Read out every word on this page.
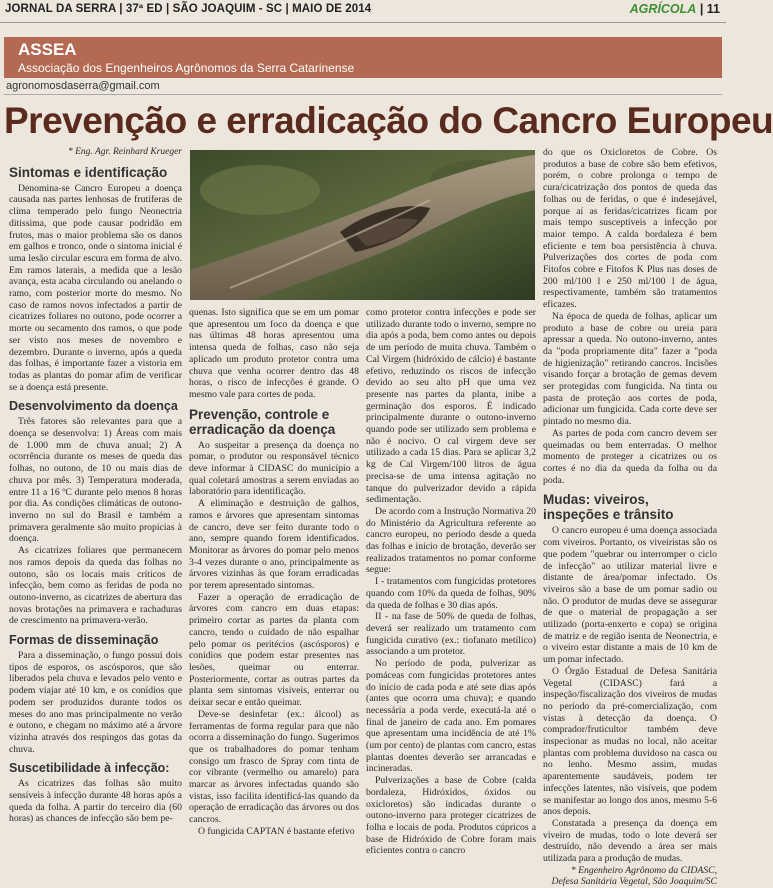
JORNAL DA SERRA | 37ª ED | SÃO JOAQUIM - SC | MAIO DE 2014	AGRÍCOLA | 11
ASSEA
Associação dos Engenheiros Agrônomos da Serra Catarinense
agronomosdaserra@gmail.com
Prevenção e erradicação do Cancro Europeu
* Eng. Agr. Reinhard Krueger
Sintomas e identificação

Denomina-se Cancro Europeu a doença causada nas partes lenhosas de frutíferas de clima temperado pelo fungo Neonectria ditissima, que pode causar podridão em frutos, mas o maior problema são os danos em galhos e tronco, onde o sintoma inicial é uma lesão circular escura em forma de alvo. Em ramos laterais, a medida que a lesão avança, esta acaba circulando ou anelando o ramo, com posterior morte do mesmo. No caso de ramos novos infectados a partir de cicatrizes foliares no outono, pode ocorrer a morte ou secamento dos ramos, o que pode ser visto nos meses de novembro e dezembro. Durante o inverno, após a queda das folhas, é importante fazer a vistoria em todas as plantas do pomar afim de verificar se a doença está presente.

Desenvolvimento da doença

Três fatores são relevantes para que a doença se desenvolva: 1) Áreas com mais de 1.000 mm de chuva anual; 2) A ocorrência durante os meses de queda das folhas, no outono, de 10 ou mais dias de chuva por mês. 3) Temperatura moderada, entre 11 a 16 ºC durante pelo menos 8 horas por dia. As condições climáticas de outono-inverno no sul do Brasil e também a primavera geralmente são muito propícias à doença.

As cicatrizes foliares que permanecem nos ramos depois da queda das folhas no outono, são os locais mais críticos de infecção, bem como as feridas de poda no outono-inverno, as cicatrizes de abertura das novas brotações na primavera e rachaduras de crescimento na primavera-verão.

Formas de disseminação

Para a disseminação, o fungo possui dois tipos de esporos, os ascósporos, que são liberados pela chuva e levados pelo vento e podem viajar até 10 km, e os conídios que podem ser produzidos durante todos os meses do ano mas principalmente no verão e outono, e chegam no máximo até a árvore vizinha através dos respingos das gotas da chuva.

Suscetibilidade à infecção:

As cicatrizes das folhas são muito sensíveis à infecção durante 48 horas após a queda da folha. A partir do terceiro dia (60 horas) as chances de infecção são bem pe-

quenas. Isto significa que se em um pomar que apresentou um foco da doença e que nas últimas 48 horas apresentou uma intensa queda de folhas, caso não seja aplicado um produto protetor contra uma chuva que venha ocorrer dentro das 48 horas, o risco de infecções é grande. O mesmo vale para cortes de poda.

Prevenção, controle e erradicação da doença

Ao suspeitar a presença da doença no pomar, o produtor ou responsável técnico deve informar à CIDASC do município a qual coletará amostras a serem enviadas ao laboratório para identificação.

A eliminação e destruição de galhos, ramos e árvores que apresentam sintomas de cancro, deve ser feito durante todo o ano, sempre quando forem identificados. Monitorar as árvores do pomar pelo menos 3-4 vezes durante o ano, principalmente as árvores vizinhas às que foram erradicadas por terem apresentado sintomas.

Fazer a operação de erradicação de árvores com cancro em duas etapas: primeiro cortar as partes da planta com cancro, tendo o cuidado de não espalhar pelo pomar os peritécios (ascósporos) e conídios que podem estar presentes nas lesões, queimar ou enterrar. Posteriormente, cortar as outras partes da planta sem sintomas visíveis, enterrar ou deixar secar e então queimar.

Deve-se desinfetar (ex.: álcool) as ferramentas de forma regular para que não ocorra a disseminação do fungo. Sugerimos que os trabalhadores do pomar tenham consigo um frasco de Spray com tinta de cor vibrante (vermelho ou amarelo) para marcar as árvores infectadas quando são vistas, isso facilita identificá-las quando da operação de erradicação das árvores ou dos cancros.

O fungicida CAPTAN é bastante efetivo

como protetor contra infecções e pode ser utilizado durante todo o inverno, sempre no dia após a poda, bem como antes ou depois de um período de muita chuva. Também o Cal Virgem (hidróxido de cálcio) é bastante efetivo, reduzindo os riscos de infecção devido ao seu alto pH que uma vez presente nas partes da planta, inibe a germinação dos esporos. É indicado principalmente durante o outono-inverno quando pode ser utilizado sem problema e não é nocivo. O cal virgem deve ser utilizado a cada 15 dias. Para se aplicar 3,2 kg de Cal Virgem/100 litros de água precisa-se de uma intensa agitação no tanque do pulverizador devido a rápida sedimentação.

De acordo com a Instrução Normativa 20 do Ministério da Agricultura referente ao cancro europeu, no período desde a queda das folhas e início de brotação, deverão ser realizados tratamentos no pomar conforme segue:

I - tratamentos com fungicidas protetores quando com 10% da queda de folhas, 90% da queda de folhas e 30 dias após.

II - na fase de 50% de queda de folhas, deverá ser realizado um tratamento com fungicida curativo (ex.: tiofanato metílico) associando a um protetor.

No período de poda, pulverizar as pomáceas com fungicidas protetores antes do início de cada poda e até sete dias após (antes que ocorra uma chuva); e quando necessária a poda verde, executá-la até o final de janeiro de cada ano. Em pomares que apresentam uma incidência de até 1% (um por cento) de plantas com cancro, estas plantas doentes deverão ser arrancadas e incineradas.

Pulverizações a base de Cobre (calda bordaleza, Hidróxidos, óxidos ou oxicloretos) são indicadas durante o outono-inverno para proteger cicatrizes de folha e locais de poda. Produtos cúpricos a base de Hidróxido de Cobre foram mais eficientes contra o cancro

do que os Oxicloretos de Cobre. Os produtos a base de cobre são bem efetivos, porém, o cobre prolonga o tempo de cura/cicatrização dos pontos de queda das folhas ou de feridas, o que é indesejável, porque aí as feridas/cicatrizes ficam por mais tempo susceptíveis a infecção por maior tempo. A calda bordaleza é bem eficiente e tem boa persistência à chuva. Pulverizações dos cortes de poda com Fitofos cobre e Fitofos K Plus nas doses de 200 ml/100 l e 250 ml/100 l de água, respectivamente, também são tratamentos eficazes.

Na época de queda de folhas, aplicar um produto a base de cobre ou ureia para apressar a queda. No outono-inverno, antes da "poda propriamente dita" fazer a "poda de higienização" retirando cancros. Incisões visando forçar a brotação de gemas devem ser protegidas com fungicida. Na tinta ou pasta de proteção aos cortes de poda, adicionar um fungicida. Cada corte deve ser pintado no mesmo dia.

As partes de poda com cancro devem ser queimadas ou bem enterradas. O melhor momento de proteger a cicatrizes ou os cortes é no dia da queda da folha ou da poda.

Mudas: viveiros, inspeções e trânsito

O cancro europeu é uma doença associada com viveiros. Portanto, os viveiristas são os que podem "quebrar ou interromper o ciclo de infecção" ao utilizar material livre e distante de área/pomar infectado. Os viveiros são a base de um pomar sadio ou não. O produtor de mudas deve se assegurar de que o material de propagação a ser utilizado (porta-enxerto e copa) se origina de matriz e de região isenta de Neonectria, e o viveiro estar distante a mais de 10 km de um pomar infectado.

O Órgão Estadual de Defesa Sanitária Vegetal (CIDASC) fará a inspeção/fiscalização dos viveiros de mudas no período da pré-comercialização, com vistas à detecção da doença. O comprador/fruticultor também deve inspecionar as mudas no local, não aceitar plantas com problema duvidoso na casca ou no lenho. Mesmo assim, mudas aparentemente saudáveis, podem ter infecções latentes, não visíveis, que podem se manifestar ao longo dos anos, mesmo 5-6 anos depois.

Constatada a presença da doença em viveiro de mudas, todo o lote deverá ser destruído, não devendo a área ser mais utilizada para a produção de mudas.

* Engenheiro Agrônomo da CIDASC,
Defesa Sanitária Vegetal, São Joaquim/SC
